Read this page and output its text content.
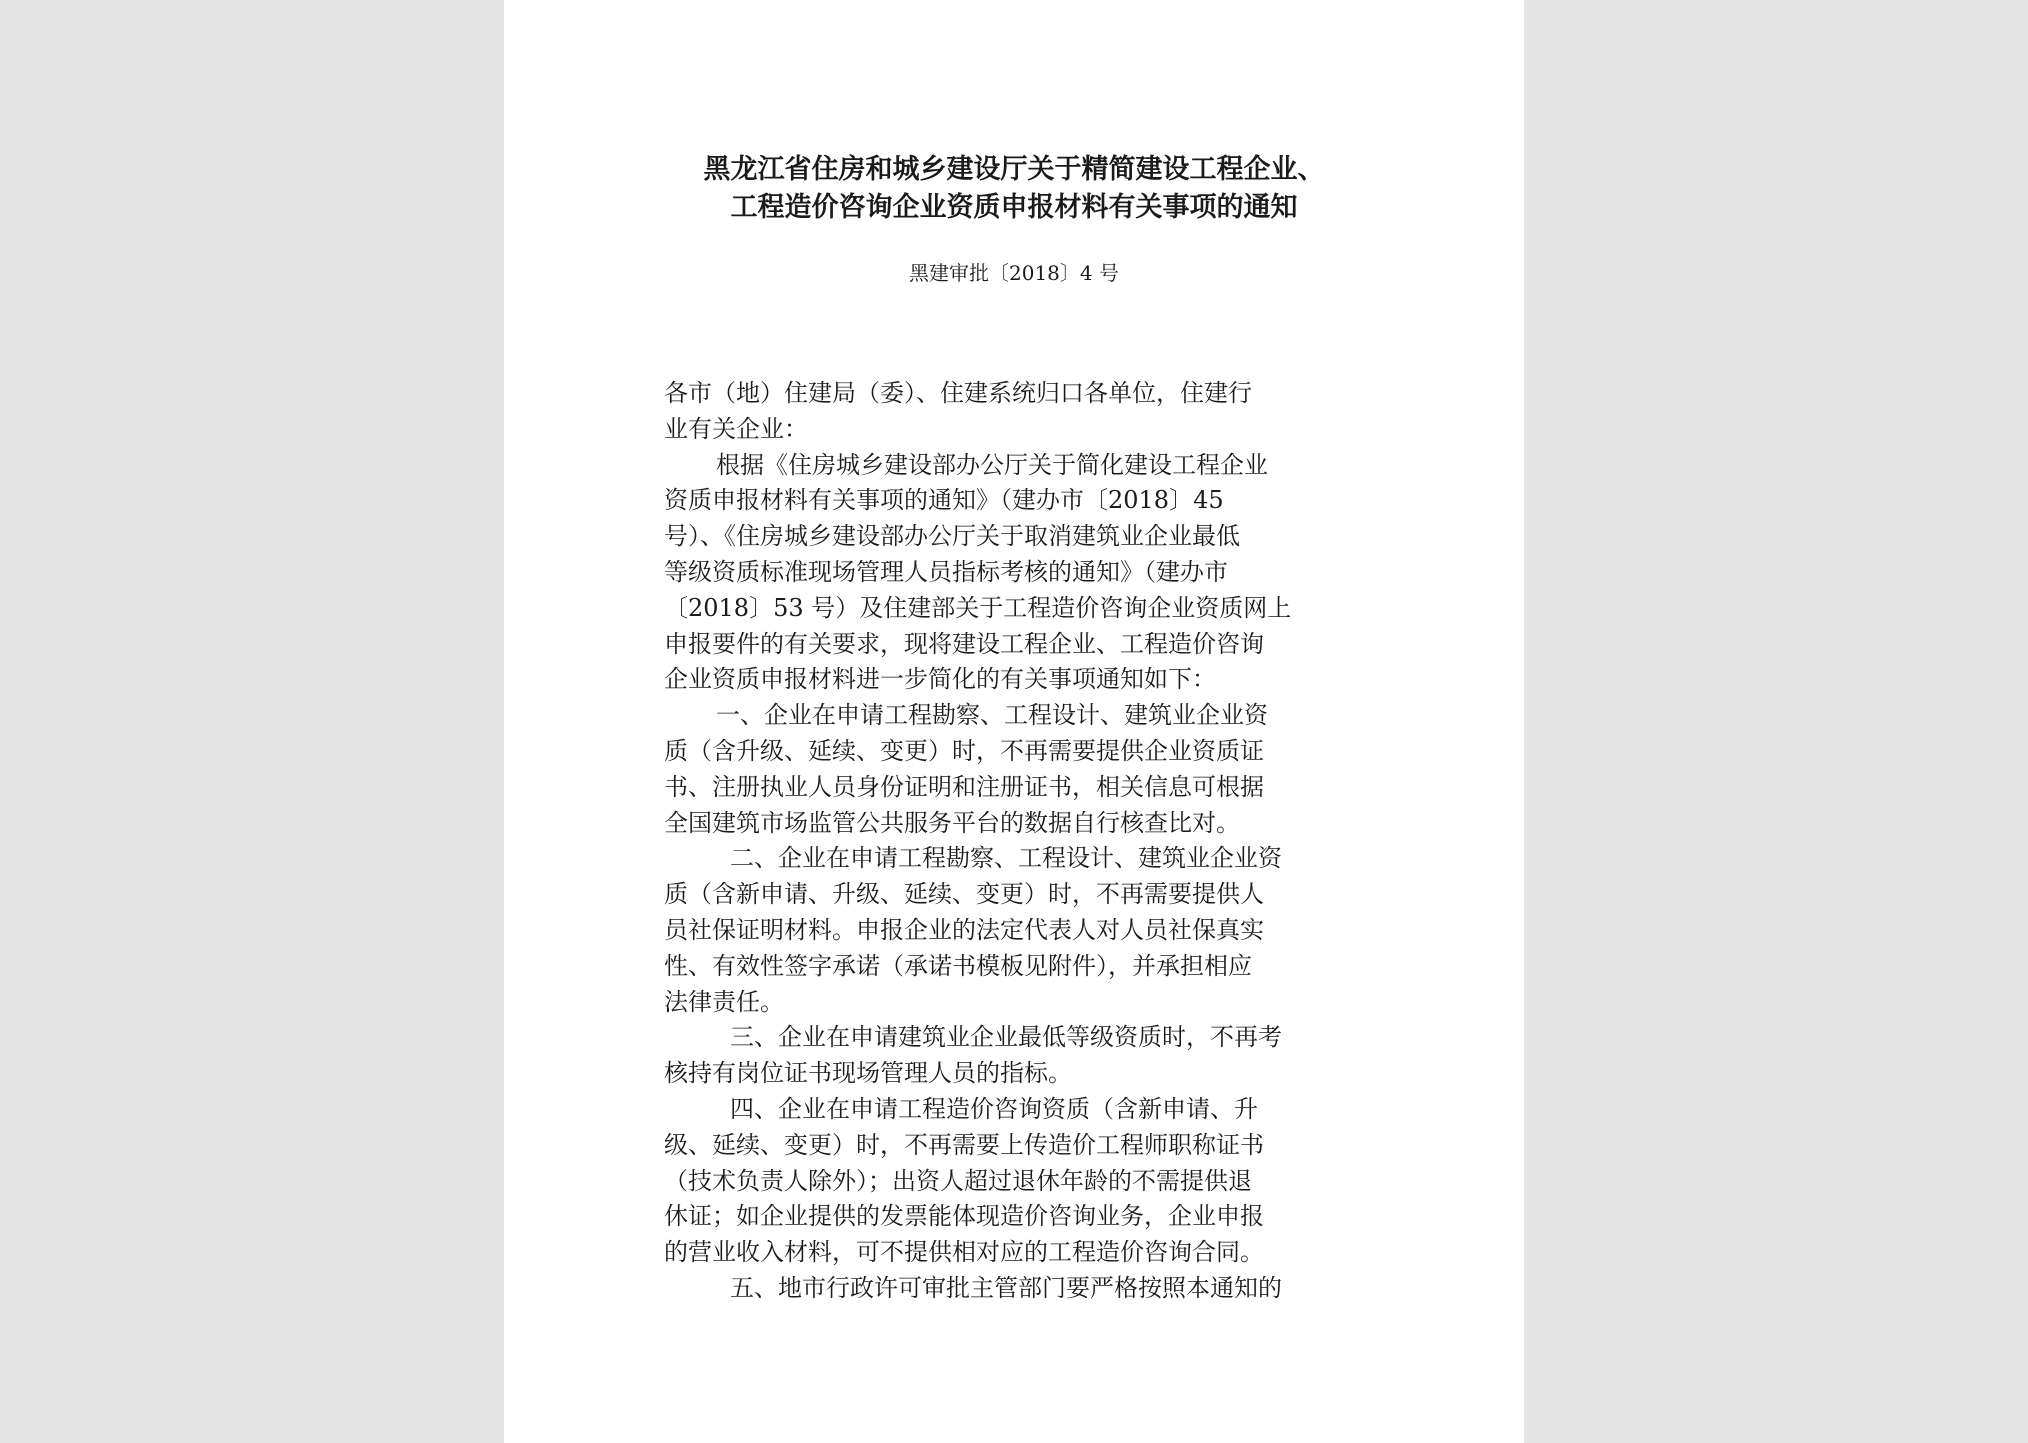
黑龙江省住房和城乡建设厅关于精简建设工程企业、
工程造价咨询企业资质申报材料有关事项的通知

黑建审批〔2018〕4 号

各市（地）住建局（委）、住建系统归口各单位，住建行
业有关企业：
根据《住房城乡建设部办公厅关于简化建设工程企业
资质申报材料有关事项的通知》（建办市〔2018〕45
号）、《住房城乡建设部办公厅关于取消建筑业企业最低
等级资质标准现场管理人员指标考核的通知》（建办市
〔2018〕53 号）及住建部关于工程造价咨询企业资质网上
申报要件的有关要求，现将建设工程企业、工程造价咨询
企业资质申报材料进一步简化的有关事项通知如下：
一、企业在申请工程勘察、工程设计、建筑业企业资
质（含升级、延续、变更）时，不再需要提供企业资质证
书、注册执业人员身份证明和注册证书，相关信息可根据
全国建筑市场监管公共服务平台的数据自行核查比对。
二、企业在申请工程勘察、工程设计、建筑业企业资
质（含新申请、升级、延续、变更）时，不再需要提供人
员社保证明材料。申报企业的法定代表人对人员社保真实
性、有效性签字承诺（承诺书模板见附件），并承担相应
法律责任。
三、企业在申请建筑业企业最低等级资质时，不再考
核持有岗位证书现场管理人员的指标。
四、企业在申请工程造价咨询资质（含新申请、升
级、延续、变更）时，不再需要上传造价工程师职称证书
（技术负责人除外）；出资人超过退休年龄的不需提供退
休证；如企业提供的发票能体现造价咨询业务，企业申报
的营业收入材料，可不提供相对应的工程造价咨询合同。
五、地市行政许可审批主管部门要严格按照本通知的
